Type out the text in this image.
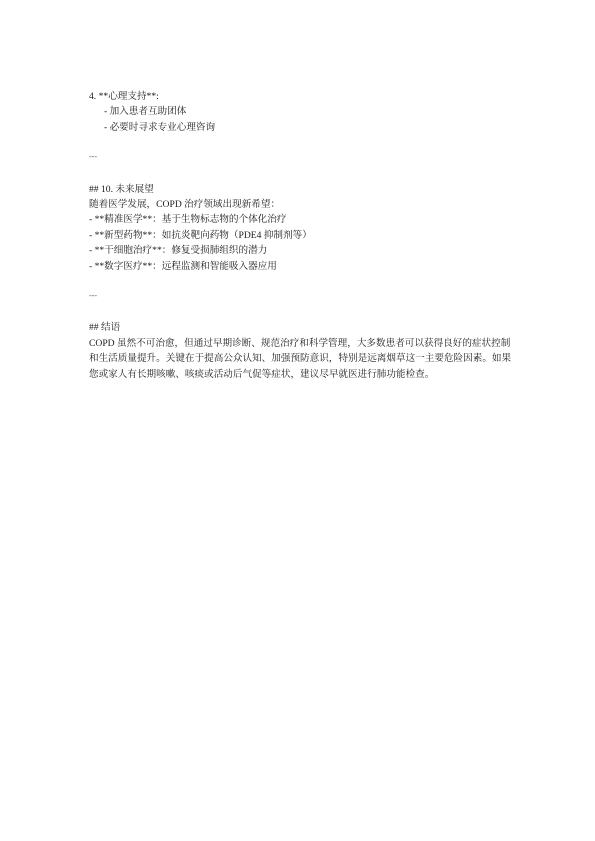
4. **心理支持**:
- 加入患者互助团体
- 必要时寻求专业心理咨询
---
## 10. 未来展望
随着医学发展，COPD 治疗领域出现新希望：
- **精准医学**：基于生物标志物的个体化治疗
- **新型药物**：如抗炎靶向药物（PDE4 抑制剂等）
- **干细胞治疗**：修复受损肺组织的潜力
- **数字医疗**：远程监测和智能吸入器应用
---
## 结语
COPD 虽然不可治愈，但通过早期诊断、规范治疗和科学管理，大多数患者可以获得良好的症状控制和生活质量提升。关键在于提高公众认知、加强预防意识，特别是远离烟草这一主要危险因素。如果您或家人有长期咳嗽、咳痰或活动后气促等症状，建议尽早就医进行肺功能检查。
